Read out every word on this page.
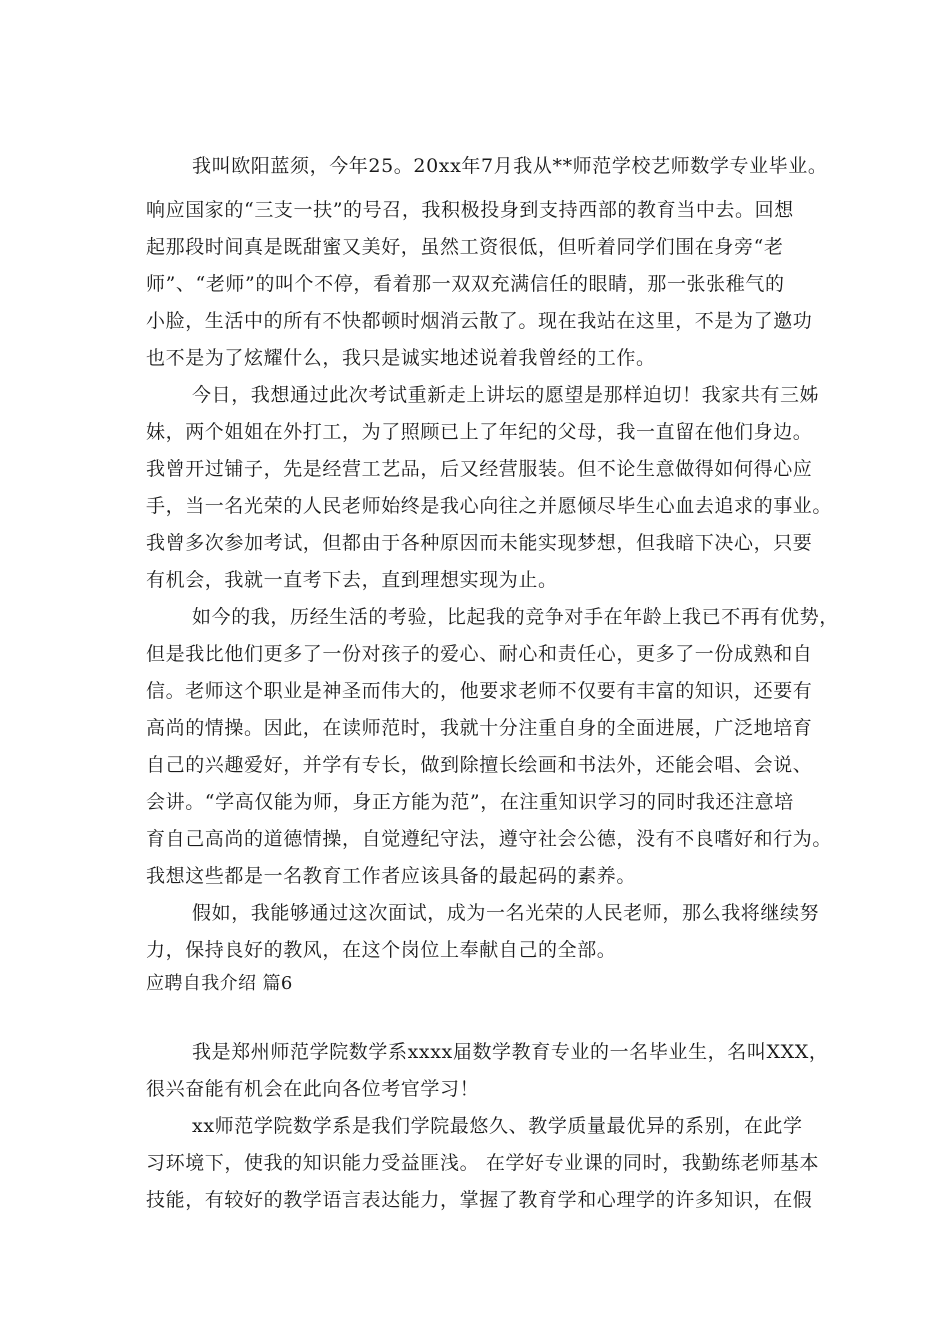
我叫欧阳蓝须，今年25。20xx年7月我从**师范学校艺师数学专业毕业。
响应国家的“三支一扶”的号召，我积极投身到支持西部的教育当中去。回想
起那段时间真是既甜蜜又美好，虽然工资很低，但听着同学们围在身旁“老
师”、“老师”的叫个不停，看着那一双双充满信任的眼睛，那一张张稚气的
小脸，生活中的所有不快都顿时烟消云散了。现在我站在这里，不是为了邀功
也不是为了炫耀什么，我只是诚实地述说着我曾经的工作。
今日，我想通过此次考试重新走上讲坛的愿望是那样迫切！我家共有三姊
妹，两个姐姐在外打工，为了照顾已上了年纪的父母，我一直留在他们身边。
我曾开过铺子，先是经营工艺品，后又经营服装。但不论生意做得如何得心应
手，当一名光荣的人民老师始终是我心向往之并愿倾尽毕生心血去追求的事业。
我曾多次参加考试，但都由于各种原因而未能实现梦想，但我暗下决心，只要
有机会，我就一直考下去，直到理想实现为止。
如今的我，历经生活的考验，比起我的竞争对手在年龄上我已不再有优势，
但是我比他们更多了一份对孩子的爱心、耐心和责任心，更多了一份成熟和自
信。老师这个职业是神圣而伟大的，他要求老师不仅要有丰富的知识，还要有
高尚的情操。因此，在读师范时，我就十分注重自身的全面进展，广泛地培育
自己的兴趣爱好，并学有专长，做到除擅长绘画和书法外，还能会唱、会说、
会讲。“学高仅能为师，身正方能为范”，在注重知识学习的同时我还注意培
育自己高尚的道德情操，自觉遵纪守法，遵守社会公德，没有不良嗜好和行为。
我想这些都是一名教育工作者应该具备的最起码的素养。
假如，我能够通过这次面试，成为一名光荣的人民老师，那么我将继续努
力，保持良好的教风，在这个岗位上奉献自己的全部。
应聘自我介绍 篇6
我是郑州师范学院数学系xxxx届数学教育专业的一名毕业生，名叫XXX，
很兴奋能有机会在此向各位考官学习！
xx师范学院数学系是我们学院最悠久、教学质量最优异的系别，在此学
习环境下，使我的知识能力受益匪浅。 在学好专业课的同时，我勤练老师基本
技能，有较好的教学语言表达能力，掌握了教育学和心理学的许多知识，在假
